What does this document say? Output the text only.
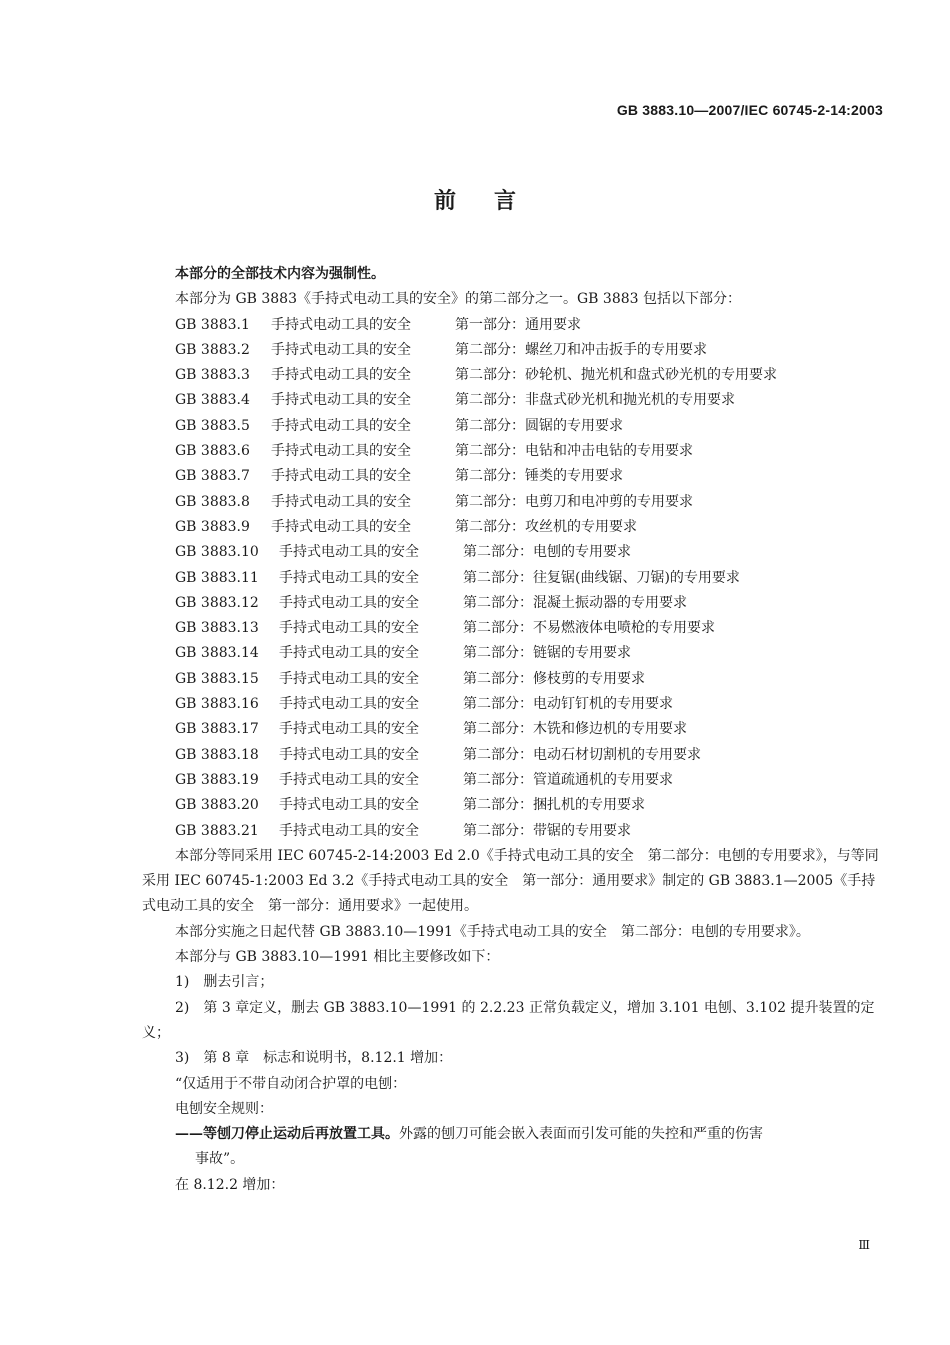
GB 3883.10—2007/IEC 60745-2-14:2003
前言

本部分的全部技术内容为强制性。

本部分为 GB 3883《手持式电动工具的安全》的第二部分之一。GB 3883 包括以下部分：

GB 3883.1 手持式电动工具的安全	第一部分：通用要求

GB 3883.2 手持式电动工具的安全	第二部分：螺丝刀和冲击扳手的专用要求

GB 3883.3 手持式电动工具的安全	第二部分：砂轮机、抛光机和盘式砂光机的专用要求

GB 3883.4 手持式电动工具的安全	第二部分：非盘式砂光机和抛光机的专用要求

GB 3883.5 手持式电动工具的安全	第二部分：圆锯的专用要求

GB 3883.6 手持式电动工具的安全	第二部分：电钻和冲击电钻的专用要求

GB 3883.7 手持式电动工具的安全	第二部分：锤类的专用要求

GB 3883.8 手持式电动工具的安全	第二部分：电剪刀和电冲剪的专用要求

GB 3883.9 手持式电动工具的安全	第二部分：攻丝机的专用要求

GB 3883.10 手持式电动工具的安全	第二部分：电刨的专用要求

GB 3883.11 手持式电动工具的安全	第二部分：往复锯(曲线锯、刀锯)的专用要求

GB 3883.12 手持式电动工具的安全	第二部分：混凝土振动器的专用要求

GB 3883.13 手持式电动工具的安全	第二部分：不易燃液体电喷枪的专用要求

GB 3883.14 手持式电动工具的安全	第二部分：链锯的专用要求

GB 3883.15 手持式电动工具的安全	第二部分：修枝剪的专用要求

GB 3883.16 手持式电动工具的安全	第二部分：电动钉钉机的专用要求

GB 3883.17 手持式电动工具的安全	第二部分：木铣和修边机的专用要求

GB 3883.18 手持式电动工具的安全	第二部分：电动石材切割机的专用要求

GB 3883.19 手持式电动工具的安全	第二部分：管道疏通机的专用要求

GB 3883.20 手持式电动工具的安全	第二部分：捆扎机的专用要求

GB 3883.21 手持式电动工具的安全	第二部分：带锯的专用要求

本部分等同采用 IEC 60745-2-14:2003 Ed 2.0《手持式电动工具的安全　第二部分：电刨的专用要求》，与等同采用 IEC 60745-1:2003 Ed 3.2《手持式电动工具的安全　第一部分：通用要求》制定的 GB 3883.1—2005《手持式电动工具的安全　第一部分：通用要求》一起使用。

本部分实施之日起代替 GB 3883.10—1991《手持式电动工具的安全　第二部分：电刨的专用要求》。

本部分与 GB 3883.10—1991 相比主要修改如下：

1)　删去引言；

2)　第 3 章定义，删去 GB 3883.10—1991 的 2.2.23 正常负载定义，增加 3.101 电刨、3.102 提升装置的定义；

3)　第 8 章　标志和说明书，8.12.1 增加：

“仅适用于不带自动闭合护罩的电刨：

电刨安全规则：

——等刨刀停止运动后再放置工具。外露的刨刀可能会嵌入表面而引发可能的失控和严重的伤害

事故”。

在 8.12.2 增加：

Ⅲ
